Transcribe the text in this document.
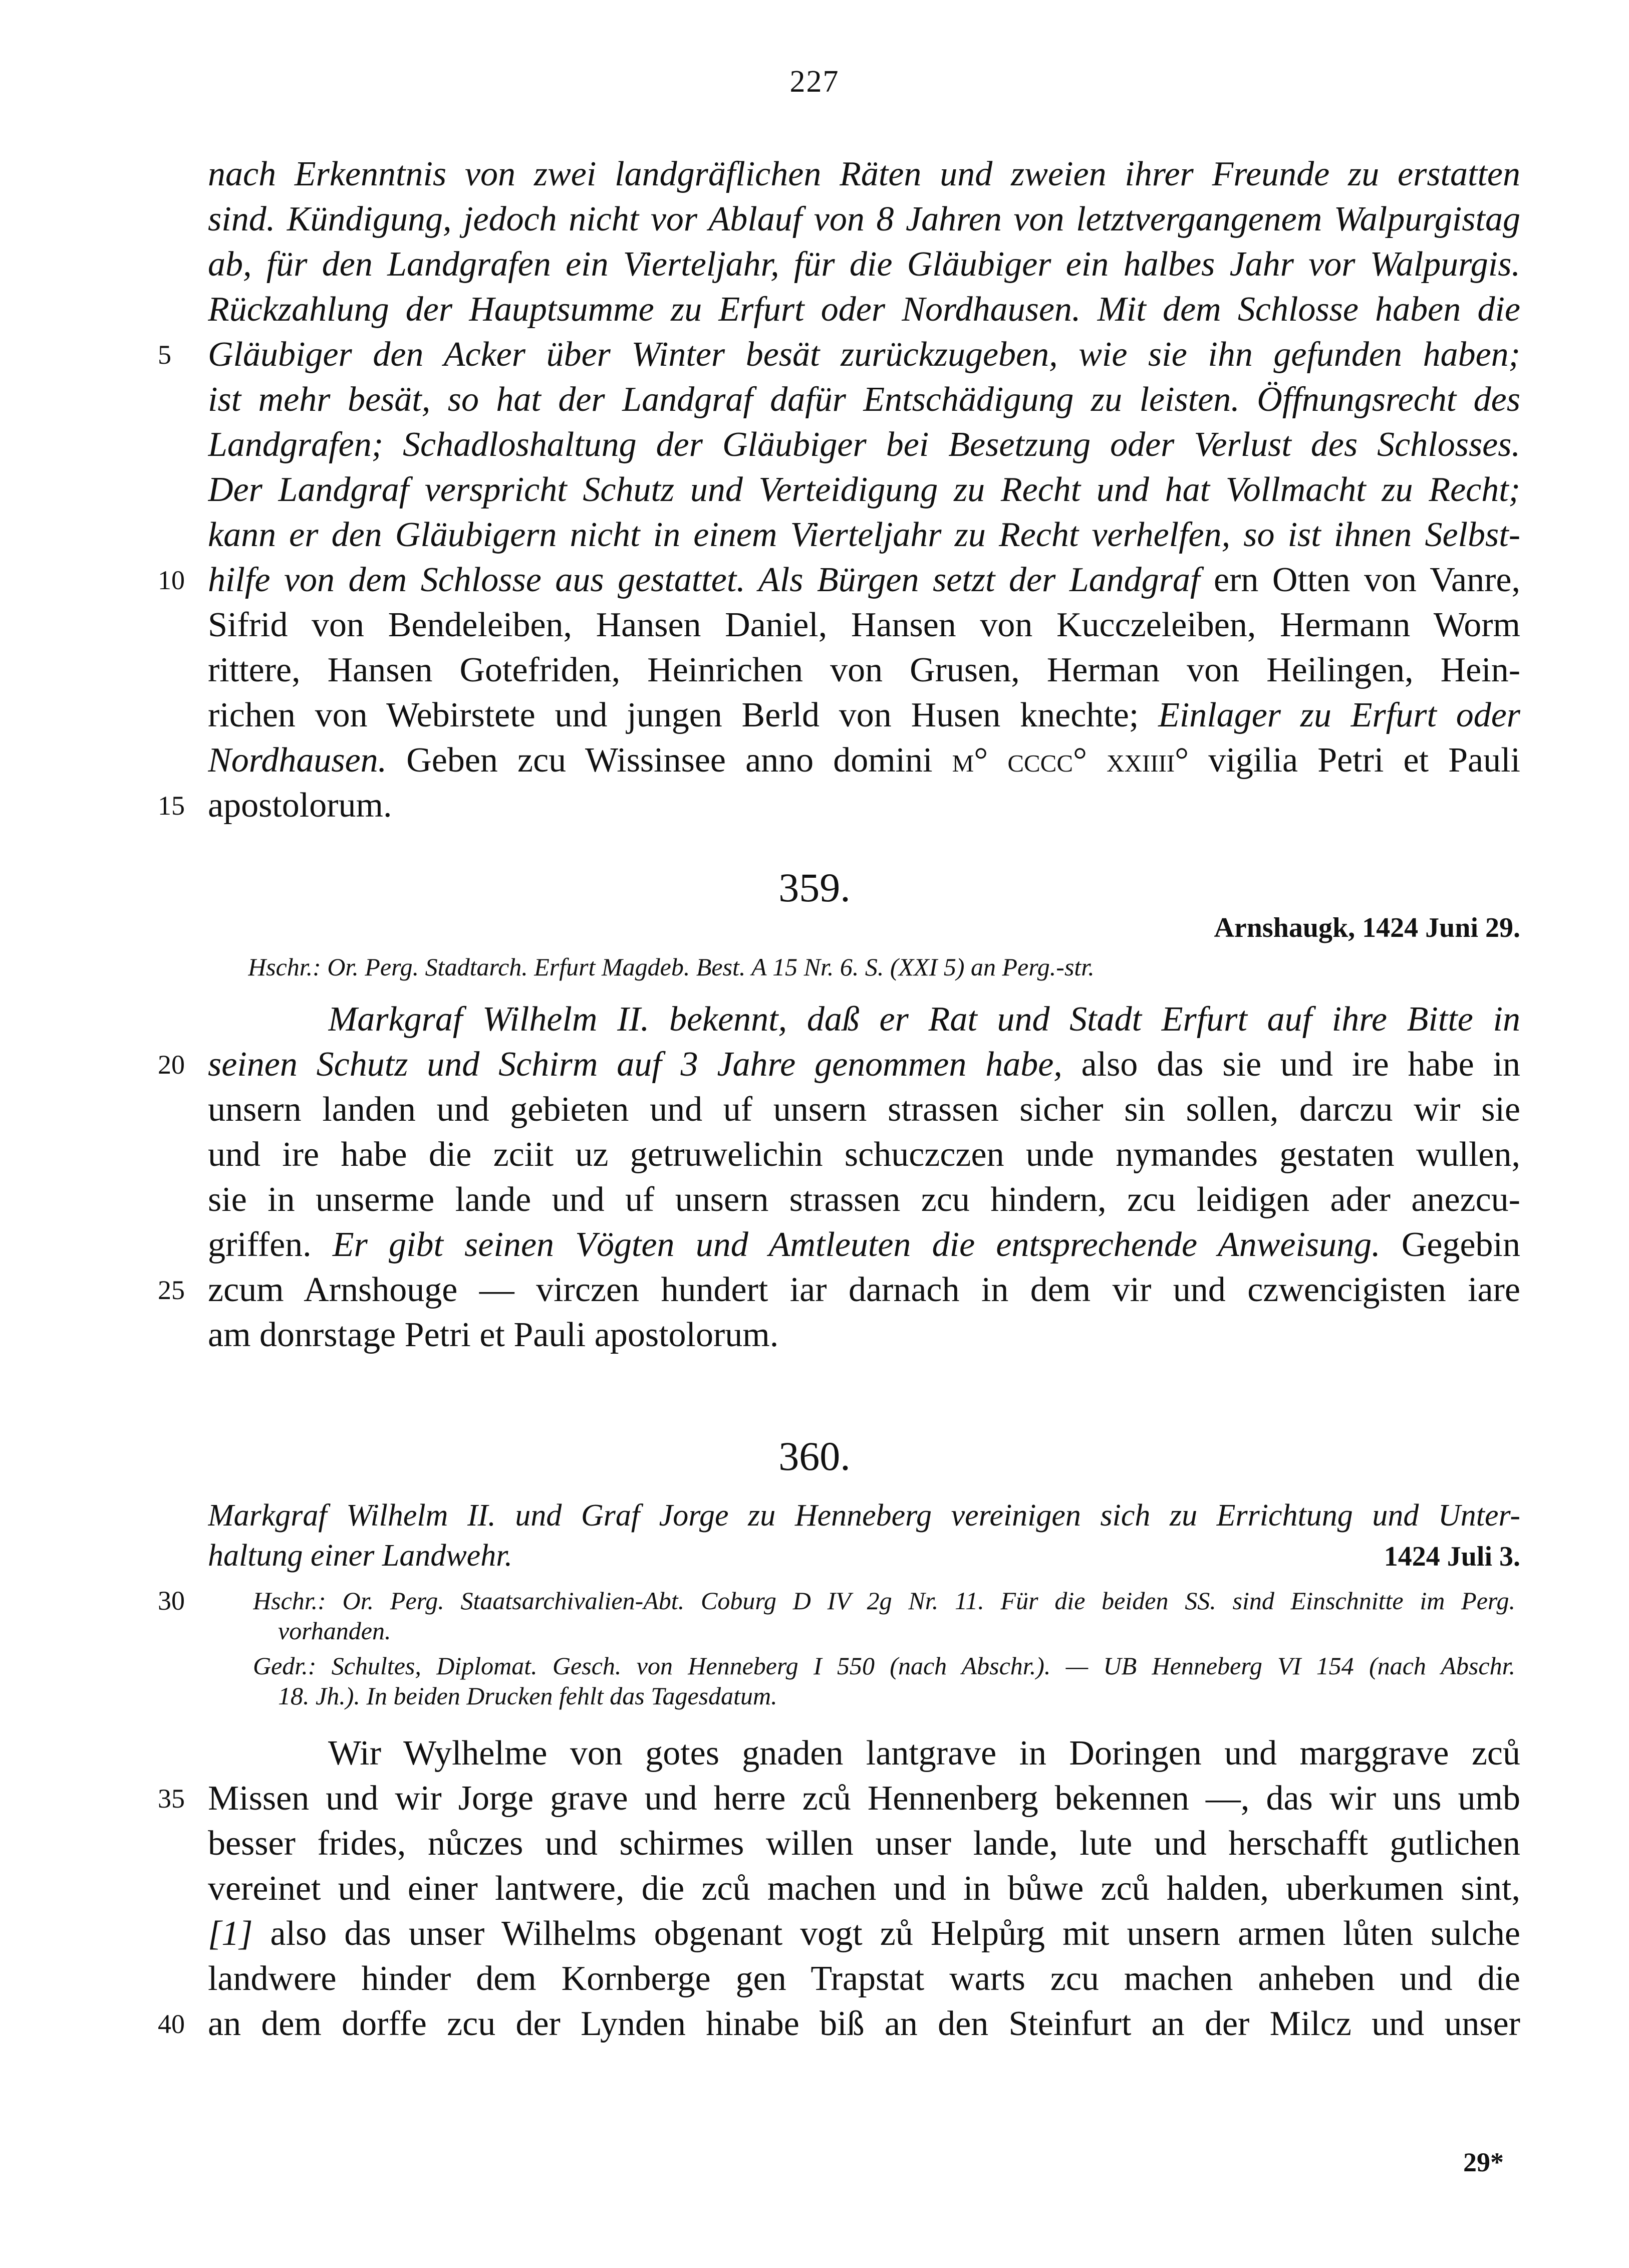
227
nach Erkenntnis von zwei landgräflichen Räten und zweien ihrer Freunde zu erstatten
sind. Kündigung, jedoch nicht vor Ablauf von 8 Jahren von letztvergangenem Walpurgistag
ab, für den Landgrafen ein Vierteljahr, für die Gläubiger ein halbes Jahr vor Walpurgis.
Rückzahlung der Hauptsumme zu Erfurt oder Nordhausen. Mit dem Schlosse haben die
Gläubiger den Acker über Winter besät zurückzugeben, wie sie ihn gefunden haben;
ist mehr besät, so hat der Landgraf dafür Entschädigung zu leisten. Öffnungsrecht des
Landgrafen; Schadloshaltung der Gläubiger bei Besetzung oder Verlust des Schlosses.
Der Landgraf verspricht Schutz und Verteidigung zu Recht und hat Vollmacht zu Recht;
kann er den Gläubigern nicht in einem Vierteljahr zu Recht verhelfen, so ist ihnen Selbst-
hilfe von dem Schlosse aus gestattet. Als Bürgen setzt der Landgraf ern Otten von Vanre,
Sifrid von Bendeleiben, Hansen Daniel, Hansen von Kucczeleiben, Hermann Worm
rittere, Hansen Gotefriden, Heinrichen von Grusen, Herman von Heilingen, Hein-
richen von Webirstete und jungen Berld von Husen knechte; Einlager zu Erfurt oder
Nordhausen. Geben zcu Wissinsee anno domini m° cccc° xxiiii° vigilia Petri et Pauli
apostolorum.
5
10
15
359.
Arnshaugk, 1424 Juni 29.
Hschr.: Or. Perg. Stadtarch. Erfurt Magdeb. Best. A 15 Nr. 6. S. (XXI 5) an Perg.-str.
Markgraf Wilhelm II. bekennt, daß er Rat und Stadt Erfurt auf ihre Bitte in
seinen Schutz und Schirm auf 3 Jahre genommen habe, also das sie und ire habe in
unsern landen und gebieten und uf unsern strassen sicher sin sollen, darczu wir sie
und ire habe die zciit uz getruwelichin schuczczen unde nymandes gestaten wullen,
sie in unserme lande und uf unsern strassen zcu hindern, zcu leidigen ader anezcu-
griffen. Er gibt seinen Vögten und Amtleuten die entsprechende Anweisung. Gegebin
zcum Arnshouge — virczen hundert iar darnach in dem vir und czwencigisten iare
am donrstage Petri et Pauli apostolorum.
20
25
360.
Markgraf Wilhelm II. und Graf Jorge zu Henneberg vereinigen sich zu Errichtung und Unter-
haltung einer Landwehr.	1424 Juli 3.
Hschr.: Or. Perg. Staatsarchivalien-Abt. Coburg D IV 2g Nr. 11. Für die beiden SS. sind Einschnitte im Perg.
vorhanden.
Gedr.: Schultes, Diplomat. Gesch. von Henneberg I 550 (nach Abschr.). — UB Henneberg VI 154 (nach Abschr.
18. Jh.). In beiden Drucken fehlt das Tagesdatum.
30
Wir Wylhelme von gotes gnaden lantgrave in Doringen und marggrave zců
Missen und wir Jorge grave und herre zců Hennenberg bekennen —, das wir uns umb
besser frides, nůczes und schirmes willen unser lande, lute und herschafft gutlichen
vereinet und einer lantwere, die zců machen und in bůwe zců halden, uberkumen sint,
[1] also das unser Wilhelms obgenant vogt zů Helpůrg mit unsern armen lůten sulche
landwere hinder dem Kornberge gen Trapstat warts zcu machen anheben und die
an dem dorffe zcu der Lynden hinabe biß an den Steinfurt an der Milcz und unser
35
40
29*
